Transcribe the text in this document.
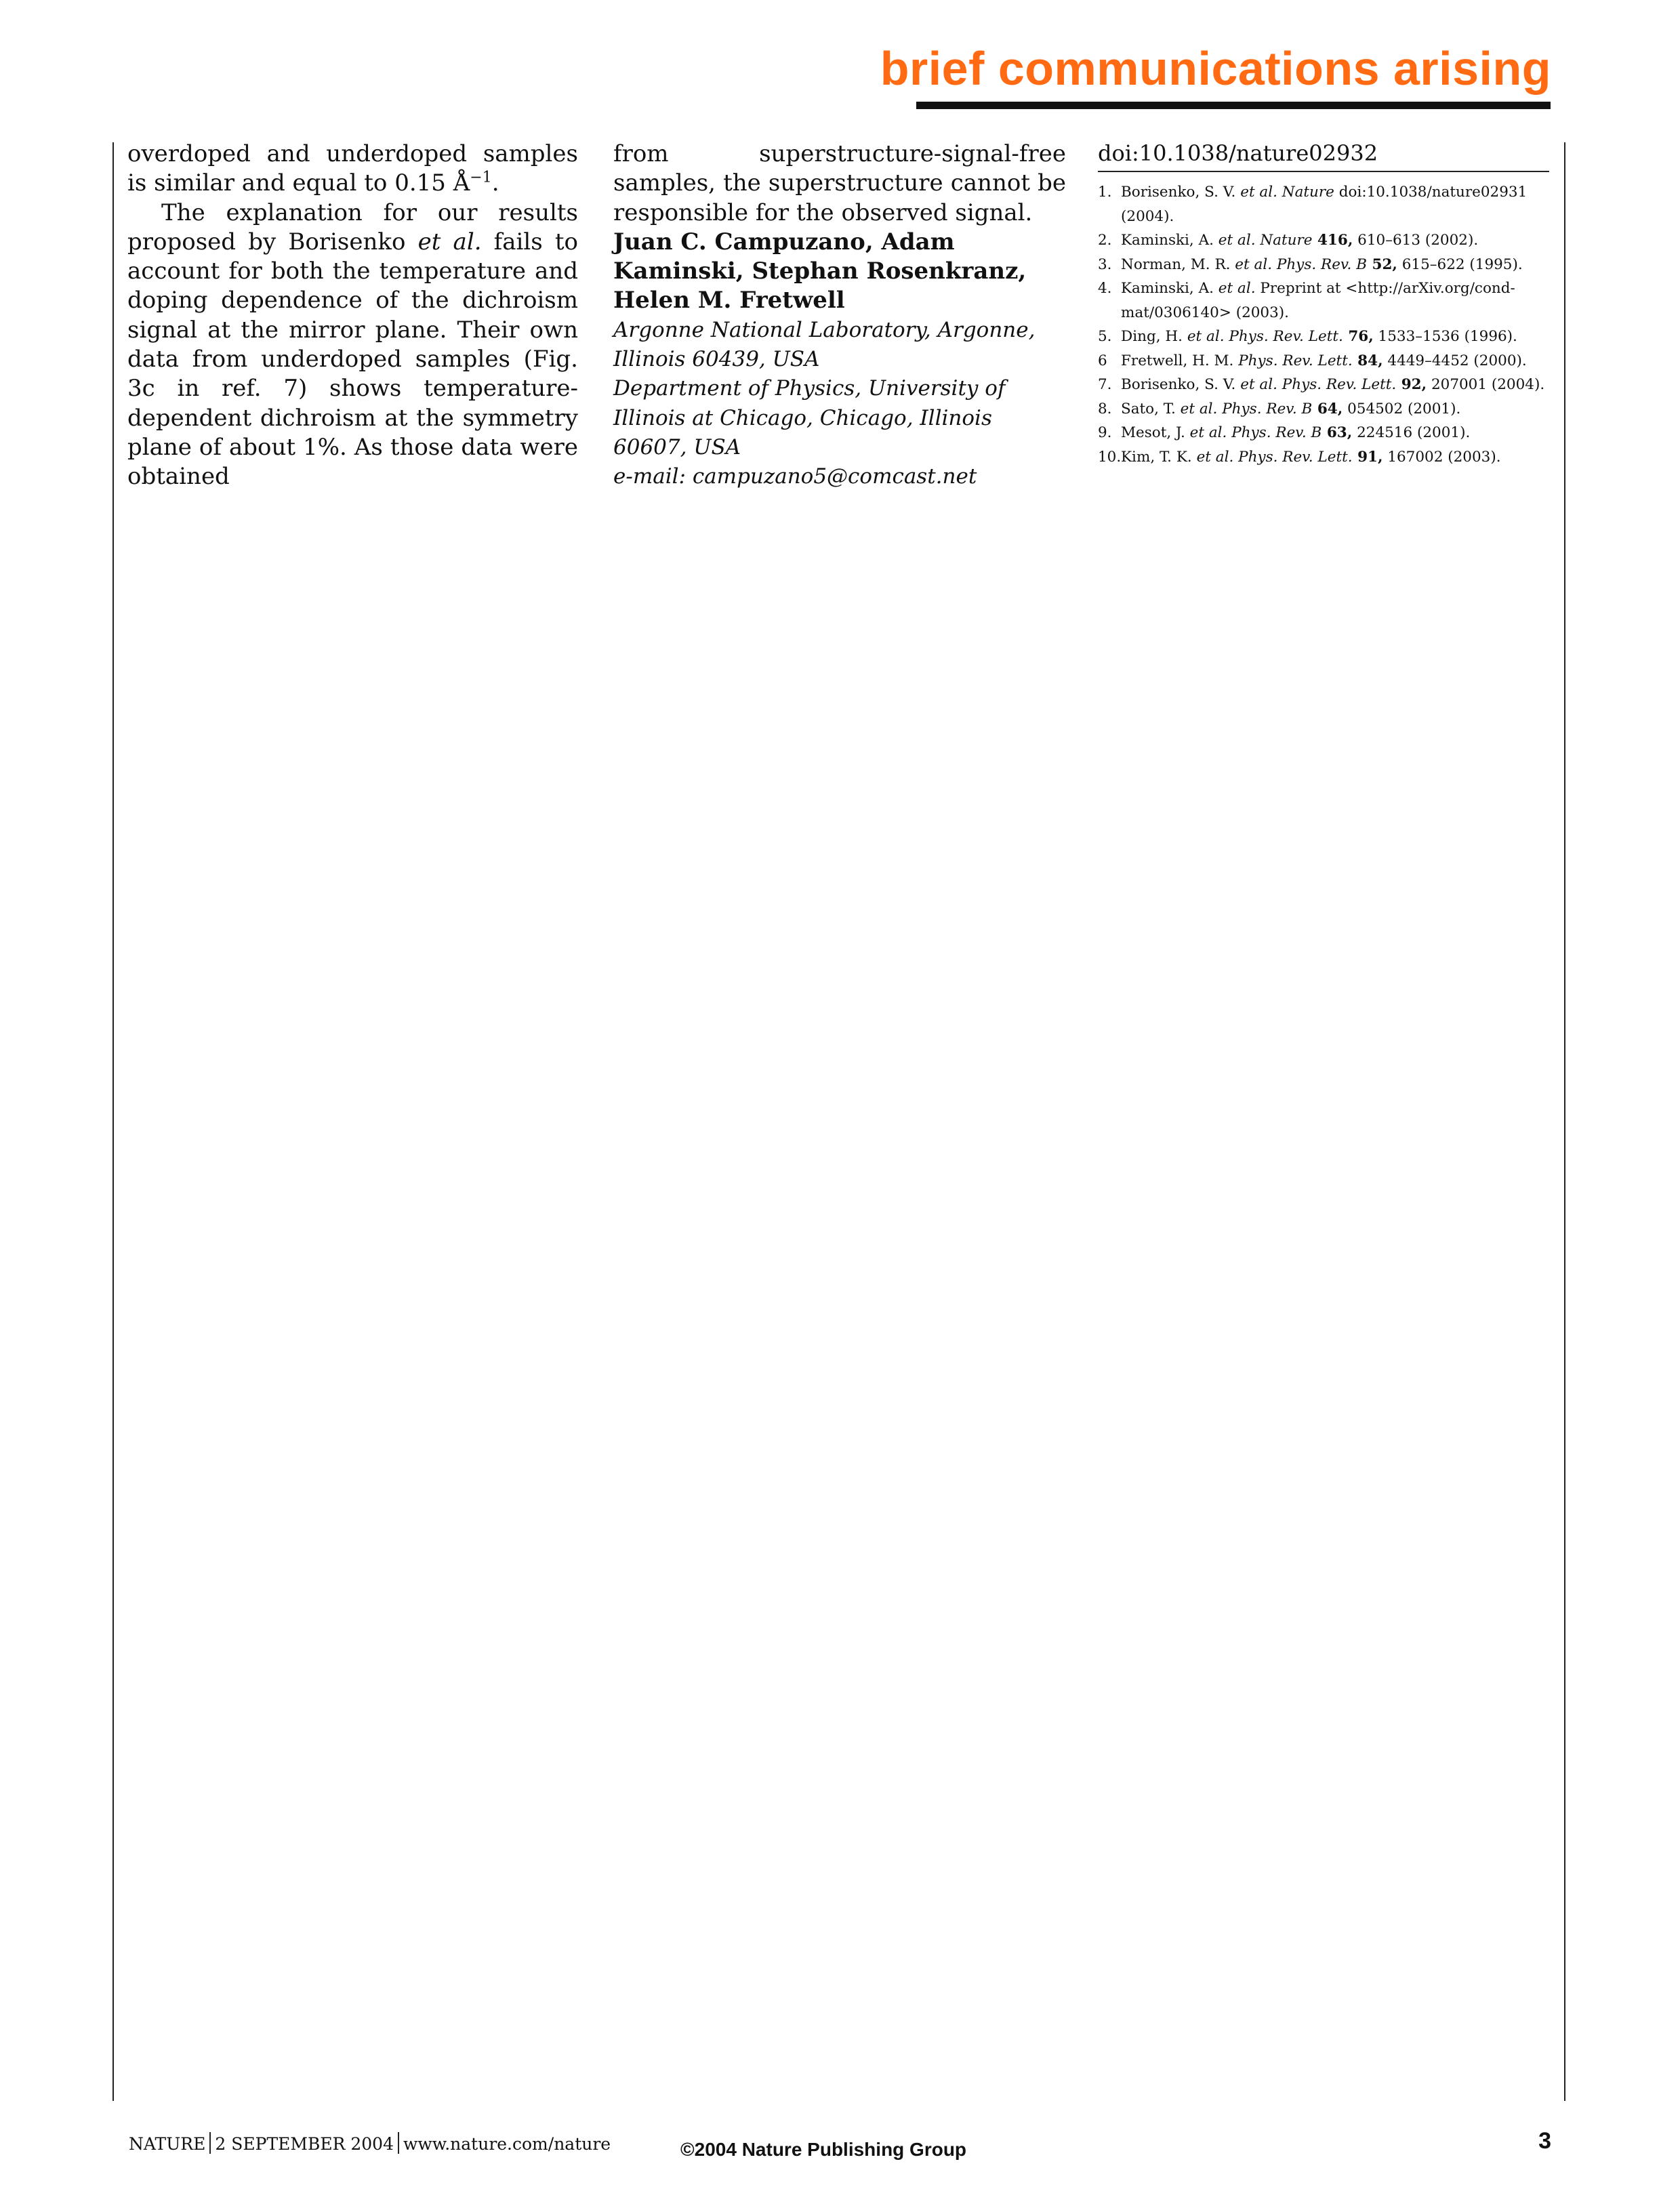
brief communications arising

overdoped and underdoped samples is similar and equal to 0.15 $Å^{-1}$.

The explanation for our results proposed by Borisenko et al. fails to account for both the temperature and doping dependence of the dichroism signal at the mirror plane. Their own data from underdoped samples (Fig. 3c in ref. 7) shows temperature-dependent dichroism at the symmetry plane of about 1%. As those data were obtained

from superstructure-signal-free samples, the superstructure cannot be responsible for the observed signal.

Juan C. Campuzano, Adam Kaminski, Stephan Rosenkranz, Helen M. Fretwell

Argonne National Laboratory, Argonne, Illinois 60439, USA

Department of Physics, University of Illinois at Chicago, Chicago, Illinois 60607, USA

e-mail: campuzano5@comcast.net

doi:10.1038/nature02932
1. Borisenko, S. V. et al. Nature doi:10.1038/nature02931 (2004).
2. Kaminski, A. et al. Nature 416, 610–613 (2002).
3. Norman, M. R. et al. Phys. Rev. B 52, 615–622 (1995).
4. Kaminski, A. et al. Preprint at <http://arXiv.org/cond-mat/0306140> (2003).
5. Ding, H. et al. Phys. Rev. Lett. 76, 1533–1536 (1996).
6 Fretwell, H. M. Phys. Rev. Lett. 84, 4449–4452 (2000).
7. Borisenko, S. V. et al. Phys. Rev. Lett. 92, 207001 (2004).
8. Sato, T. et al. Phys. Rev. B 64, 054502 (2001).
9. Mesot, J. et al. Phys. Rev. B 63, 224516 (2001).
10. Kim, T. K. et al. Phys. Rev. Lett. 91, 167002 (2003).
NATURE 2 SEPTEMBER 2004 www.nature.com/nature	©2004 Nature Publishing Group	3
